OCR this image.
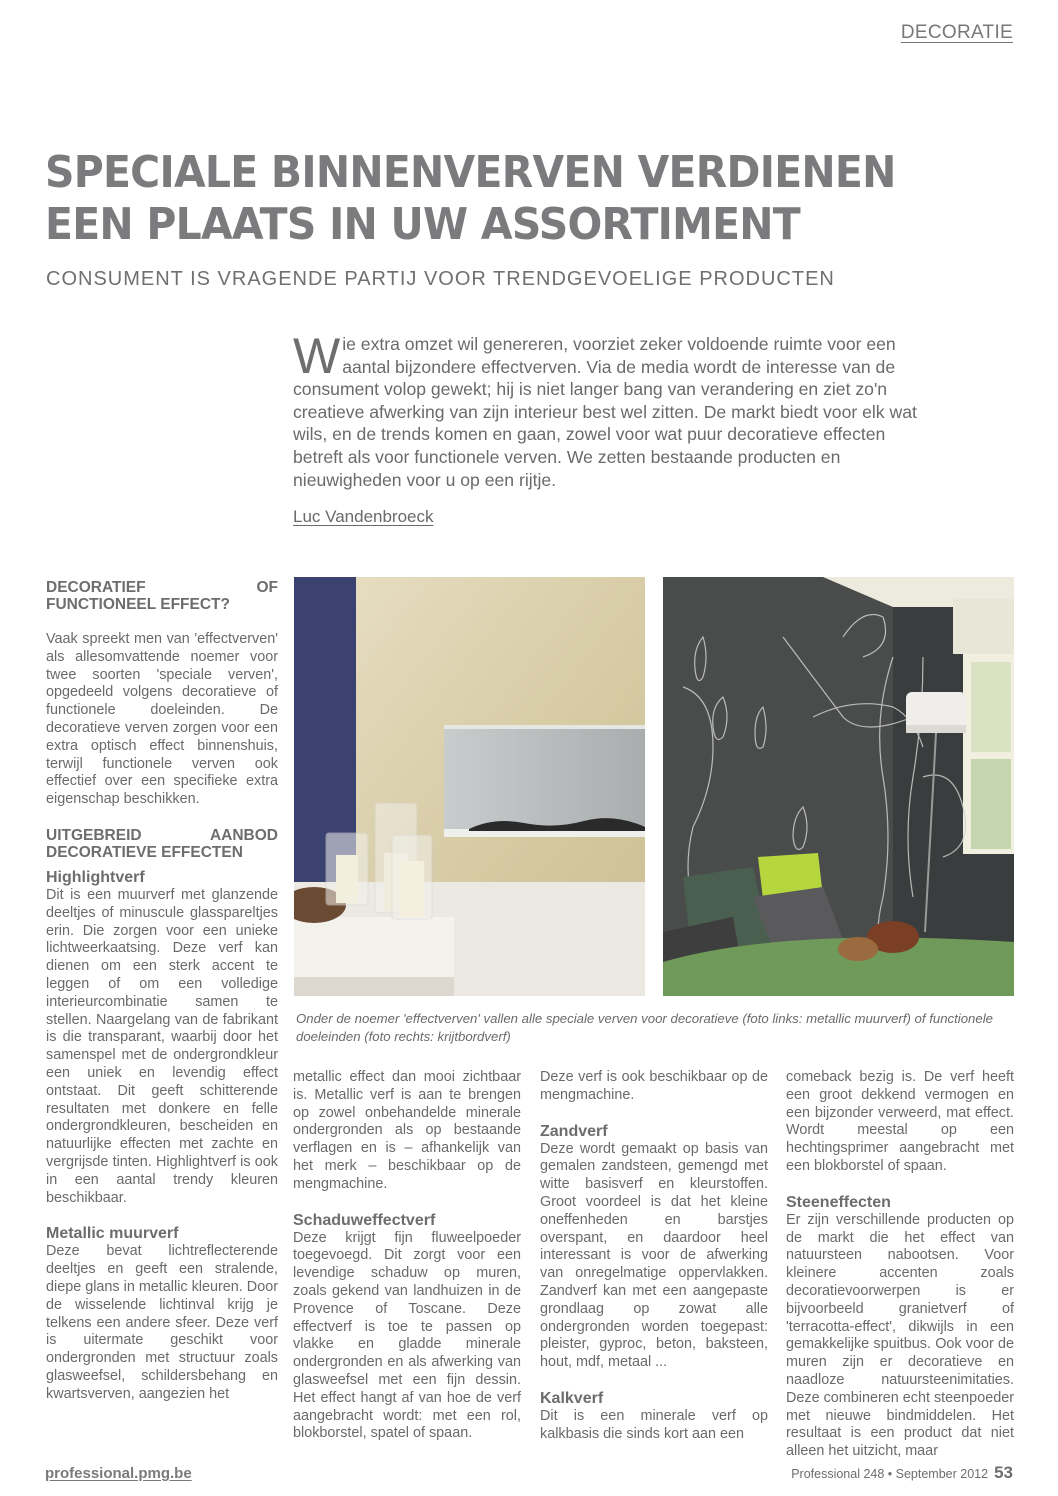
DECORATIE
SPECIALE BINNENVERVEN VERDIENEN
EEN PLAATS IN UW ASSORTIMENT
CONSUMENT IS VRAGENDE PARTIJ VOOR TRENDGEVOELIGE PRODUCTEN
W ie extra omzet wil genereren, voorziet zeker voldoende ruimte voor een aantal bijzondere effectverven. Via de media wordt de interesse van de consument volop gewekt; hij is niet langer bang van verandering en ziet zo'n creatieve afwerking van zijn interieur best wel zitten. De markt biedt voor elk wat wils, en de trends komen en gaan, zowel voor wat puur decoratieve effecten betreft als voor functionele verven. We zetten bestaande producten en nieuwigheden voor u op een rijtje.
Luc Vandenbroeck
DECORATIEF OF FUNCTIONEEL EFFECT?

Vaak spreekt men van 'effectverven' als allesomvattende noemer voor twee soorten 'speciale verven', opgedeeld volgens decoratieve of functionele doeleinden. De decoratieve verven zorgen voor een extra optisch effect binnenshuis, terwijl functionele verven ook effectief over een specifieke extra eigenschap beschikken.

UITGEBREID AANBOD DECORATIEVE EFFECTEN
Highlightverf

Dit is een muurverf met glanzende deeltjes of minuscule glasspareltjes erin. Die zorgen voor een unieke lichtweerkaatsing. Deze verf kan dienen om een sterk accent te leggen of om een volledige interieurcombinatie samen te stellen. Naargelang van de fabrikant is die transparant, waarbij door het samenspel met de ondergrondkleur een uniek en levendig effect ontstaat. Dit geeft schitterende resultaten met donkere en felle ondergrondkleuren, bescheiden en natuurlijke effecten met zachte en vergrijsde tinten. Highlightverf is ook in een aantal trendy kleuren beschikbaar.

Metallic muurverf

Deze bevat lichtreflecterende deeltjes en geeft een stralende, diepe glans in metallic kleuren. Door de wisselende lichtinval krijg je telkens een andere sfeer. Deze verf is uitermate geschikt voor ondergronden met structuur zoals glasweefsel, schildersbehang en kwartsverven, aangezien het

Onder de noemer 'effectverven' vallen alle speciale verven voor decoratieve (foto links: metallic muurverf) of functionele doeleinden (foto rechts: krijtbordverf)

metallic effect dan mooi zichtbaar is. Metallic verf is aan te brengen op zowel onbehandelde minerale ondergronden als op bestaande verflagen en is – afhankelijk van het merk – beschikbaar op de mengmachine.

Schaduweffectverf

Deze krijgt fijn fluweelpoeder toegevoegd. Dit zorgt voor een levendige schaduw op muren, zoals gekend van landhuizen in de Provence of Toscane. Deze effectverf is toe te passen op vlakke en gladde minerale ondergronden en als afwerking van glasweefsel met een fijn dessin. Het effect hangt af van hoe de verf aangebracht wordt: met een rol, blokborstel, spatel of spaan.

Deze verf is ook beschikbaar op de mengmachine.

Zandverf

Deze wordt gemaakt op basis van gemalen zandsteen, gemengd met witte basisverf en kleurstoffen. Groot voordeel is dat het kleine oneffenheden en barstjes overspant, en daardoor heel interessant is voor de afwerking van onregelmatige oppervlakken. Zandverf kan met een aangepaste grondlaag op zowat alle ondergronden worden toegepast: pleister, gyproc, beton, baksteen, hout, mdf, metaal ...

Kalkverf

Dit is een minerale verf op kalkbasis die sinds kort aan een

comeback bezig is. De verf heeft een groot dekkend vermogen en een bijzonder verweerd, mat effect. Wordt meestal op een hechtingsprimer aangebracht met een blokborstel of spaan.

Steeneffecten

Er zijn verschillende producten op de markt die het effect van natuursteen nabootsen. Voor kleinere accenten zoals decoratievoorwerpen is er bijvoorbeeld granietverf of 'terracotta-effect', dikwijls in een gemakkelijke spuitbus. Ook voor de muren zijn er decoratieve en naadloze natuursteenimitaties. Deze combineren echt steenpoeder met nieuwe bindmiddelen. Het resultaat is een product dat niet alleen het uitzicht, maar

professional.pmg.be	Professional 248 • September 2012 53
